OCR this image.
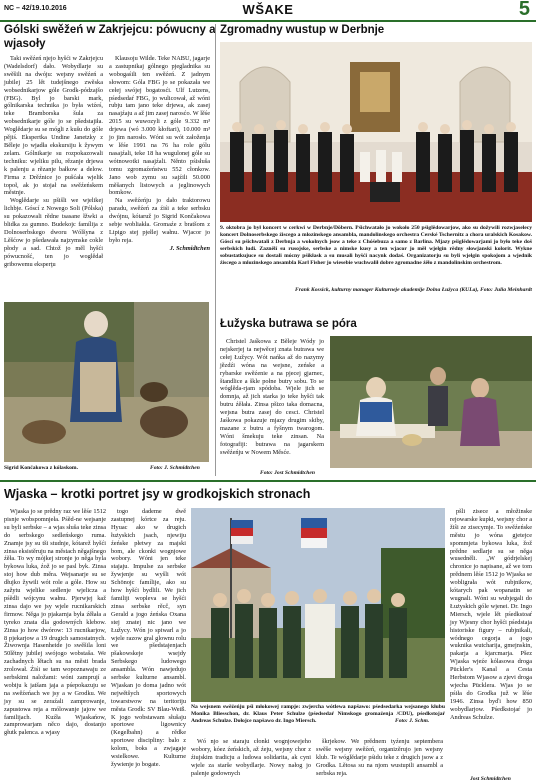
NC – 42/19.10.2016	WŠAKE	5
Gólski swěžeń w Zakrjejcu: pówucny a wjasoły

Taki swěźeń njejo hyšći w Zakrjejcu (Wadelsdorf) dało. Wobydlarje su swěšili na dwóju: wejsny swěźeń a jubilej 25 lět tudejšnego zwěska wobsednikarjow góle Grodk-pódzajšo (FBG). Byl jo barski mark, gólnikarska technika jo była wiźeś, teke Bramborska šula za wobsednikarje góle jo se pšedstajiła. Woglědarje su se mógli z kušu do góle pějiś. Ekspertka Undine Janetzky z Běleje jo wjadła ekskursiju k žywym zelam. Gólnikarje su rozpokazowali techniku: wjeliku pilu, rězanje drjewa k palenju a rězanje bałkow a delow. Firma z Drěźnice jo pušćała wjelik topoł, ak jo stojał na swěźeńskem městnje.

Woglědarje su pšišli we wjelikej lichbje. Góscí z Nowego Soli (Pólska) su pokazowali rědne tsasane łžwki a blidka za gumno. Budekojc famílija z Dolnoserbskego dworu Wólšyna z Lěšćow jo pšedawała najzymske cokle płody a sad. Chtož jo měl hyšći pówucnošć, ten jo woglědał gribowemu eksperţu

Klausoju Wilde. Teke NABU, jagarje a zastupnikaj gólnego pjegladnika su wobogaśili ten swěźeń. Z jadnym słowom: Góla FBG jo se pokazała we cełej swójej bogatosći. Ulf Lutzens, pśedsedaŕ FBG, jo wulicował, až wóni rubju tam jano teke drjewa, ak zasej nasajźaju a až jim zasej narosćo. W lěśe 2015 su wuwozyli z góle 9.332 m³ drjewa (wó 3.000 kłoftari), 10.000 m³ jo jim narosło. Wóni su wót załoženja w lěśe 1991 na 76 ha role gólu nasajźali, teke 18 ha wugulonej góle su wótnowotki nasajźali. Něnto pśisłuša tomu zgromaźeństwu 552 cłonkow. Jano wob zymu su sajźili 50.000 měšanych listowych a jeglinowych bomkow.

Na swěźeńju jo dało traktorowu paradu, swěźeń za źiśi a teke serbsku dwójnu, kótaruž jo Sigrid Končakowa sebje wobliakła. Gromaźe z bratšom z Lipigo stej pjełlej wałnu. Wjacor jo było reja.

J. Schmidtchen
Sigrid Končakowa z kólaskom.	Foto: J. Schmidtchen
Zgromadny wustup w Derbnje
9. oktobra jo był koncert w cerkwi w Derbnje/Döbern. Pśichwatało jo wokoło 250 pśiglědowarjow, ako su dožywili rozwjaselecy koncert Dolnoserbskego źiscego a mlozinskego ansambla, mandolinskego orchestra Cerské Tschernitz a chora uralskich Kosakow. Góscí su pśichwatali z Derbnja a wokolnych jsow a teke z Chóśebuza a samo z Barlina. Mjazy pśiglědowarjami jo było teke doš serbskich ludi. Zaznělí su rusojske, serbske a nimske kusy a ten wjacor jo měł wjelgin rědny słowjanski kolorit. Wykne sobustatkujuce su dostali mócny pśikłask a su musali hyšći nacynk dodaś. Organizatorju su byli wjelgin spokojom a wjednik źiscego a mlozinskego ansambla Karl Fisher jo wiesebie wuchwalił dobre zgromadne źěło z mandolinskim orchestrom.
Frank Kossick, kulturny manager Kulturneje akademije Dolna Łužyca (KULa), Foto: Julia Meinhardt
Łužyska butrawa se póra

Christel Jaśkowa z Běleje Wódy jo nejskerjej ta nejwěcej znata butrawa we cełej Łužycy. Wót nańka až do nazymy jězdźi wóna na wejsne, zeńske a rybarske swěźenie a na pjecej gjarnec, štandlice a škle połne butry sobu. To se wóglěda-rjam spódoba. Wjele jich se domnja, až jich starka jo teke hyšći tak butru źěłała. Zinsa pšizo taka domacna, wejsna butra zasej do cesci. Christel Jaśkowa pokazuje mjazy drugim skiby, mazane z butru a fyšnym twarogom. Wóni šmekuju teke zinsan. Na fotografiji: butrawa na jagarskem swěźeńju w Nowem Měsće.

Foto: Jost Schmidtchen
Wjaska – krotki portret jsy w grodkojskich stronach

Wjaska jo se prědny raz we lěśe 1512 pisnje wobspomnjeła. Pśěd-ne wejsanje su byli serbske – a wjas słuša teke zinsa do serbskego sedleńskego ruma. Znamje jsy su tši studnje, kótarež hyšći zinsa eksistěruju na městach něgajšnego źěła. To wy mójkej stronje jo něga byla bykowa luka, źož jo se pasl byk. Zinsa stoj how dub měra. Wejsanarje su se dłujko žywili wót role a góle. How su zažytu wjelike sedlenje wjelicza a pśědli wójcynu wałnu. Pjerwjej kaž zinsa dajo we jsy wjele rucnikarskich firmow. Něga jo pjakarnja była źěłała a tyreko znata dla godowných klebow. Zinsa jo how dwórow: 13 rucnikarjow, 8 pjekarjow a 19 drugich samostatnych. Žiwownja Hasenheide jo swěšila loni 50lětny jubilej swójogo wobstaša. We zachadnych lětach su na městi brada zrolował. Źiśi se tam wopoznawaju ze serbskimi naložami: wóni zamprují a wobiju k jatšam jaja a pśepokazuju se na swěźeńach we jsy a w Grodku. We jsy su se zeraźali zamprowanje, zapustowa reja a mólowanje jajow we familijach. Kuźła Wjaskańow, zamprowarjam něco dajo, dostanjo głutk palenca. a wjasy

togo dademe dwě zastupnej kórtce za reju. Hyuac ako w drugich łużyskich jsach, njewiju źeńske płetwy za majski bom, ale ckonki wognjowe wobory. Wóni jen teke stajaju. Impulse za serbske žywjenje su wyšli wót Schönojc famílije, ako su how hyšći bydlili. We jich familiji wopleva se hyšći zinsa serbske rěcč, syn Gerald a jogo źeńska Oxana stej znatej nic jano we Łužycy. Wón jo spiwarl a jo wjele razow gral glownu rolu we pšedstajenjach pšakowskeje wsejdy Serbskego ludowego ansambla. Wón nawjedujo serbske kulturne ansambl. Wjaskan jo doma jadno wót nejwětšych sportowych towarstwow na teritoriju města Grodk: SV Blau-Weiß. K jogo wobstawam słušaju sportowe ligownicy (Kegelbahn) a rědke sportowe discipliny: balo z kolom, boks a zwjagaje wsielkowe. Kulturne žywienje jo bogate.

Na wejsnem swěźeńju pśi młokowej rampje: zwjercha wótlewa napšawo: pśedsedarka wejsanego kłubu Monika Bliesschon, dr. Klaus Peter Schulze (pśedsedaŕ Nimskogo gromaźenja /CDU), pśedkstojaŕ Andreas Schulze. Dołojce napšawo dr. Ingo Miersch.	Foto: J. Schm.

Wó njo se staraju cłonki wognjowejeho wobory, kóez źeńskich, až źeju, wejsny chor z źiujskim tradicju a ludowa solidarita, ak cyni wjele za starše wobydlarje. Nowy nałog jo palenje godownych

škrjekow. We prědnem tyźenju septembera swěše wejsny swěźeń, organizěrujo jen wejsny klub. Te wóglědarje pśidu teke z drugich jsow a z Grodka. Lětosa su na njom wustupili ansambl a serbska reja.

pšli zisece a młožinske rejowarske kupki, wejsny chor a žiŝi ze zisecymje. To swěźeńske městu jo wóna gjetejce spommjeta bykowa luka, žož prědne sedlarje su se něga wusedněli. „W gódrjelskej chronice jo napisane, až we tom prědnem lěśe 1512 jo Wjaska se wobligrała wót rubjnikow, kótarych pak wopanatin se wugnali. Wóni su wubjegali do Łużyskich góle wjenei. Dr. Ingo Miersch, wjele lět pśedkstoaŕ jsy Wjesny chor hyšći pśedstaja historiske figury – rubjnikali, wódnego cegorja a jogo wuknika wutcharija, gmejnskin, pakarja a kjarcmarja. Pšez Wjaska wjeźe kólasowa droga Pückler's Kanal a Cesta Herbstom Wjasow a zjevi droga wjecha Pücklera. Wjas jo se pśiła do Grodka juž w lěśe 1946. Zinsa byďi how 850 wobydlarjow. Pśedkstojaŕ jo Andreas Schulze.

Jost Schmidtchen
